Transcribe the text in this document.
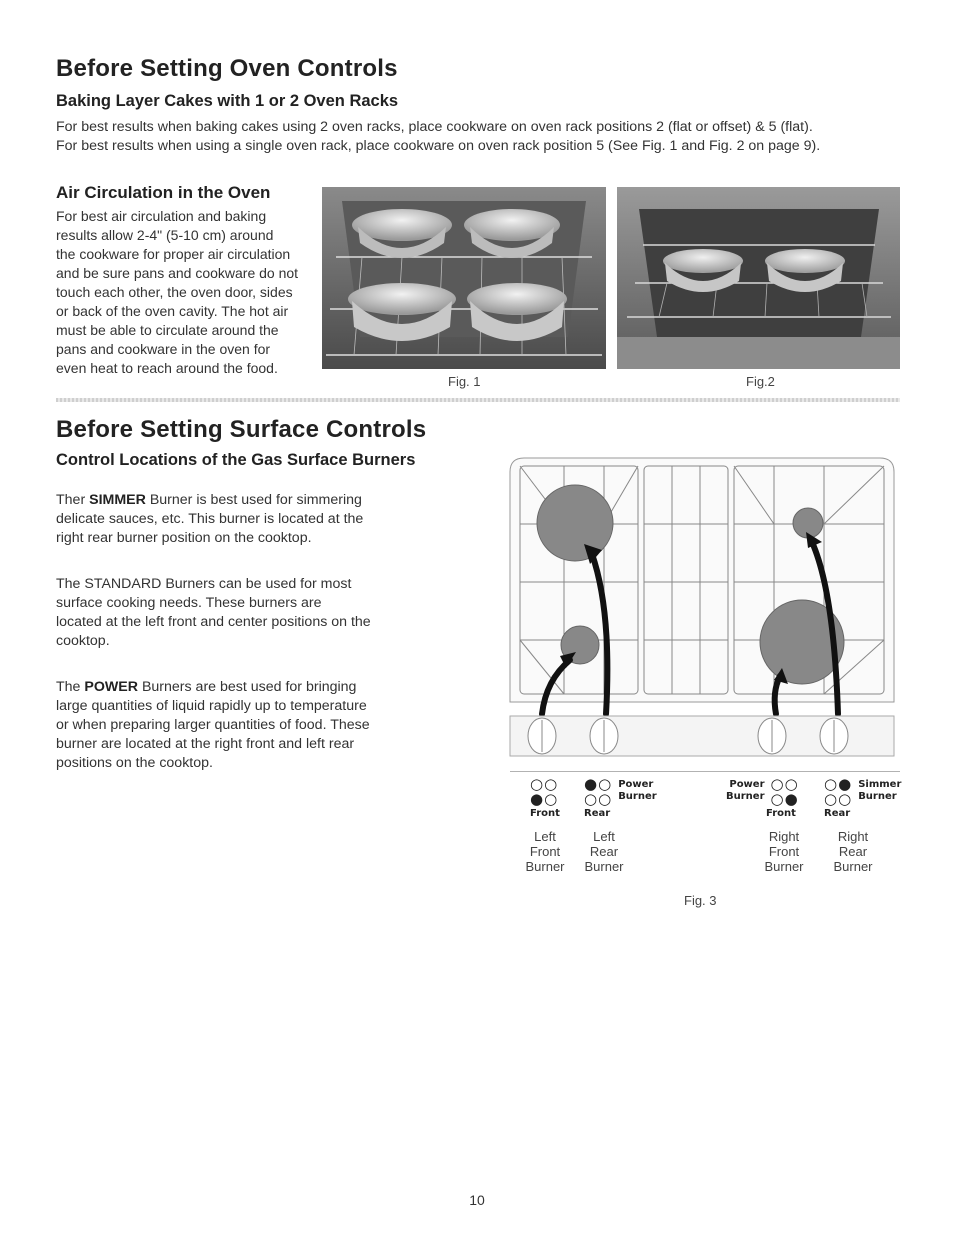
Before Setting Oven Controls
Baking Layer Cakes with 1 or 2 Oven Racks
For best results when baking cakes using 2 oven racks, place cookware on oven rack positions 2 (flat or offset) & 5 (flat).
For best results when using a single oven rack, place cookware on oven rack position 5 (See Fig. 1 and Fig. 2 on page 9).
Air Circulation in the Oven
For best air circulation and baking
results allow 2-4" (5-10 cm) around
the cookware for proper air circulation
and be sure pans and cookware do not
touch each other, the oven door, sides
or back of the oven cavity. The hot air
must be able to circulate around the
pans and cookware in the oven for
even heat to reach around the food.
Fig. 1	Fig.2
Before Setting Surface Controls
Control Locations of the Gas Surface Burners
Ther SIMMER Burner is best used for simmering
delicate sauces, etc. This burner is located at the
right rear burner position on the cooktop.
The STANDARD Burners can be used for most
surface cooking needs. These burners are
located at the left front and center positions on the
cooktop.
The POWER Burners are best used for bringing
large quantities of liquid rapidly up to temperature
or when preparing larger quantities of food. These
burner are located at the right front and left rear
positions on the cooktop.
○○
●○
Front
●○
○○
Power
Burner
Rear
Power
Burner
○○
○●
Front
○●
○○
Simmer
Burner
Rear
Left
Front
Burner
Left
Rear
Burner
Right
Front
Burner
Right
Rear
Burner
Fig. 3
10
